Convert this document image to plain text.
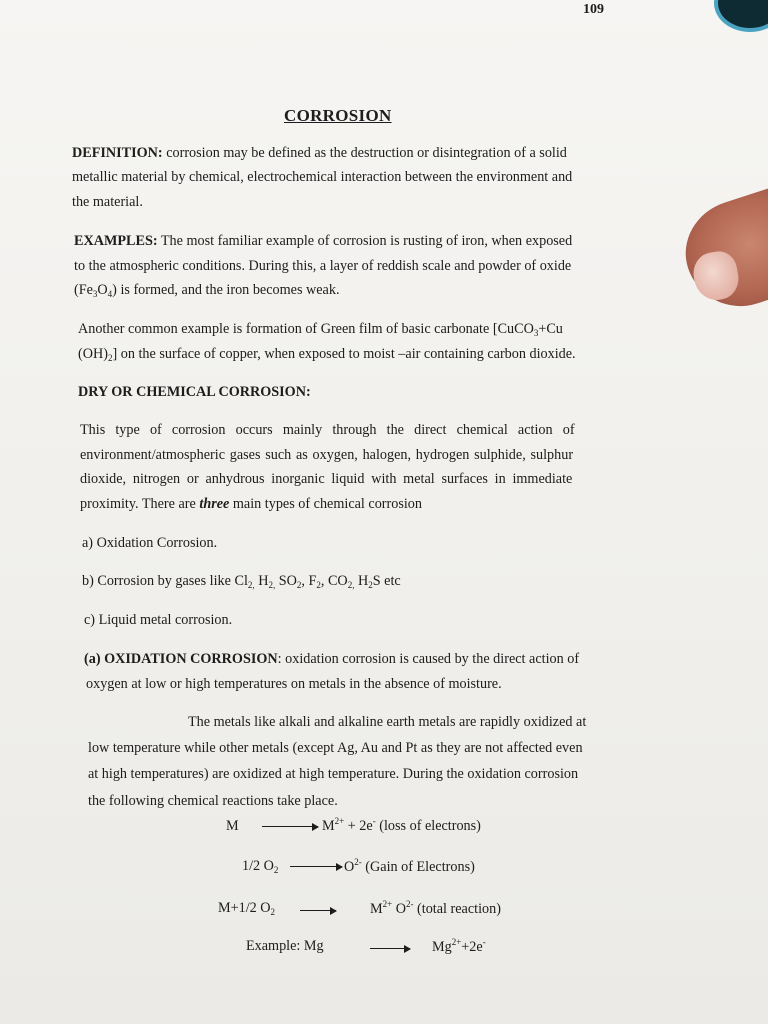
109
CORROSION
DEFINITION: corrosion may be defined as the destruction or disintegration of a solid
metallic material by chemical, electrochemical interaction between the environment and
the material.
EXAMPLES: The most familiar example of corrosion is rusting of iron, when exposed
to the atmospheric conditions. During this, a layer of reddish scale and powder of oxide
$(Fe_3O_4)$ is formed, and the iron becomes weak.
Another common example is formation of Green film of basic carbonate [CuCO$_3$+Cu
$(OH)_2$] on the surface of copper, when exposed to moist –air containing carbon dioxide.
DRY OR CHEMICAL CORROSION:
This type of corrosion occurs mainly through the direct chemical action of
environment/atmospheric gases such as oxygen, halogen, hydrogen sulphide, sulphur
dioxide, nitrogen or anhydrous inorganic liquid with metal surfaces in immediate
proximity. There are three main types of chemical corrosion
a) Oxidation Corrosion.
b) Corrosion by gases like $Cl_{2,}$ $H_{2,}$ $SO_2$, $F_2$, $CO_{2,}$ $H_2S$ etc
c) Liquid metal corrosion.
(a) OXIDATION CORROSION: oxidation corrosion is caused by the direct action of
oxygen at low or high temperatures on metals in the absence of moisture.
The metals like alkali and alkaline earth metals are rapidly oxidized at
low temperature while other metals (except Ag, Au and Pt as they are not affected even
at high temperatures) are oxidized at high temperature. During the oxidation corrosion
the following chemical reactions take place.
$M \to M^{2+} + 2e^-$ (loss of electrons)
1/2 $O_2 \to O^{2-}$ (Gain of Electrons)
M+1/2 $O_2$	$M^{2+}$ $O^{2-}$ (total reaction)
Example: Mg	→ $Mg^{2+}+2e^-$
